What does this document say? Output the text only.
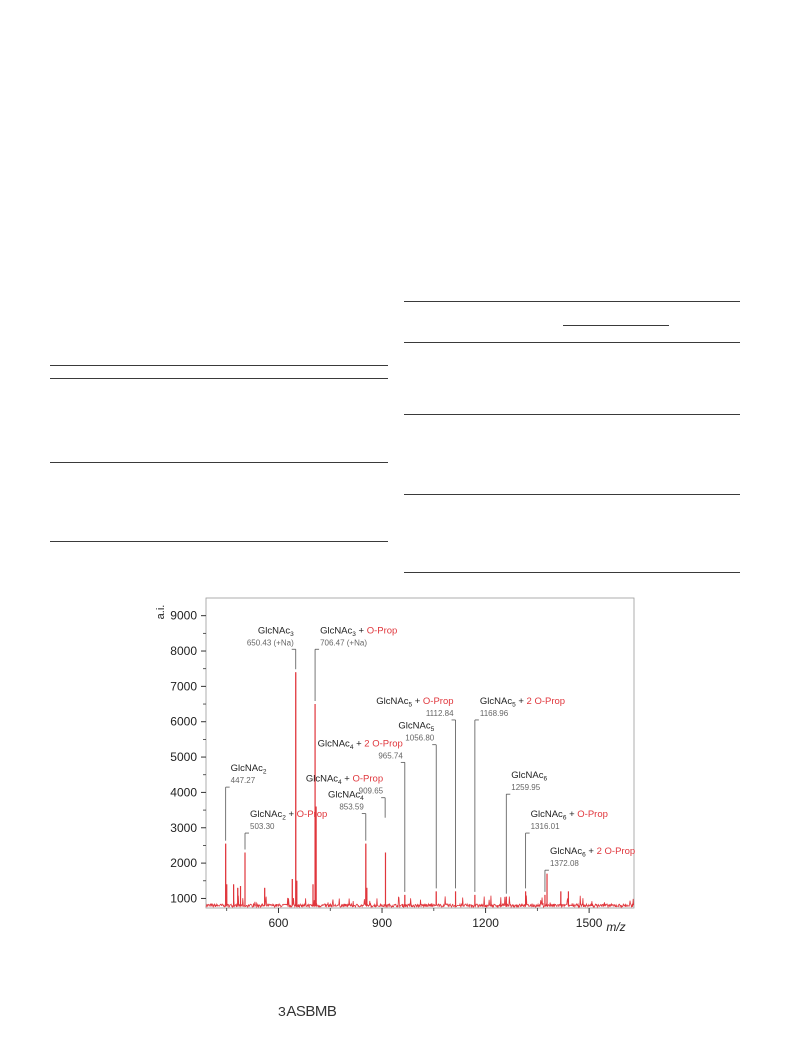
GlcNAc$_2$
447.27
GlcNAc$_2$ + O-Prop
503.30
GlcNAc$_3$
650.43 (+Na)
GlcNAc$_3$ + O-Prop
706.47 (+Na)
GlcNAc$_4$
853.59
GlcNAc$_4$ + O-Prop
909.65
GlcNAc$_4$ + 2 O-Prop
965.74
GlcNAc$_5$
1056.80
GlcNAc$_5$ + O-Prop
1112.84
GlcNAc$_5$ + 2 O-Prop
1168.96
GlcNAc$_6$
1259.95
GlcNAc$_6$ + O-Prop
1316.01
GlcNAc$_6$ + 2 O-Prop
1372.08
1000
2000
3000
4000
5000
6000
7000
8000
9000
600	900	1200	1500
a.i.
m/z
ЗASBMB
